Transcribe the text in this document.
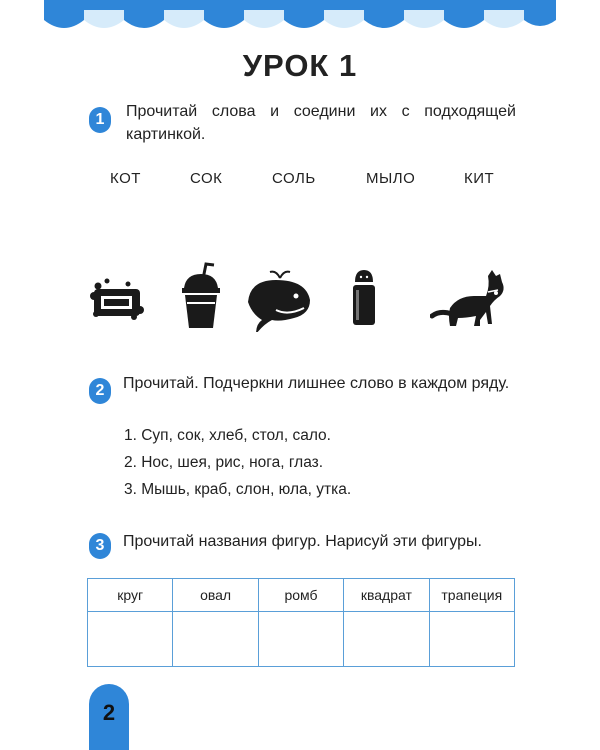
УРОК 1
1	Прочитай слова и соедини их с подходящей картинкой.
КОТ	СОК	СОЛЬ	МЫЛО	КИТ
2	Прочитай. Подчеркни лишнее слово в каждом ряду.
1. Суп, сок, хлеб, стол, сало.
2. Нос, шея, рис, нога, глаз.
3. Мышь, краб, слон, юла, утка.
3	Прочитай названия фигур. Нарисуй эти фигуры.
круг	овал	ромб	квадрат	трапеция

2
